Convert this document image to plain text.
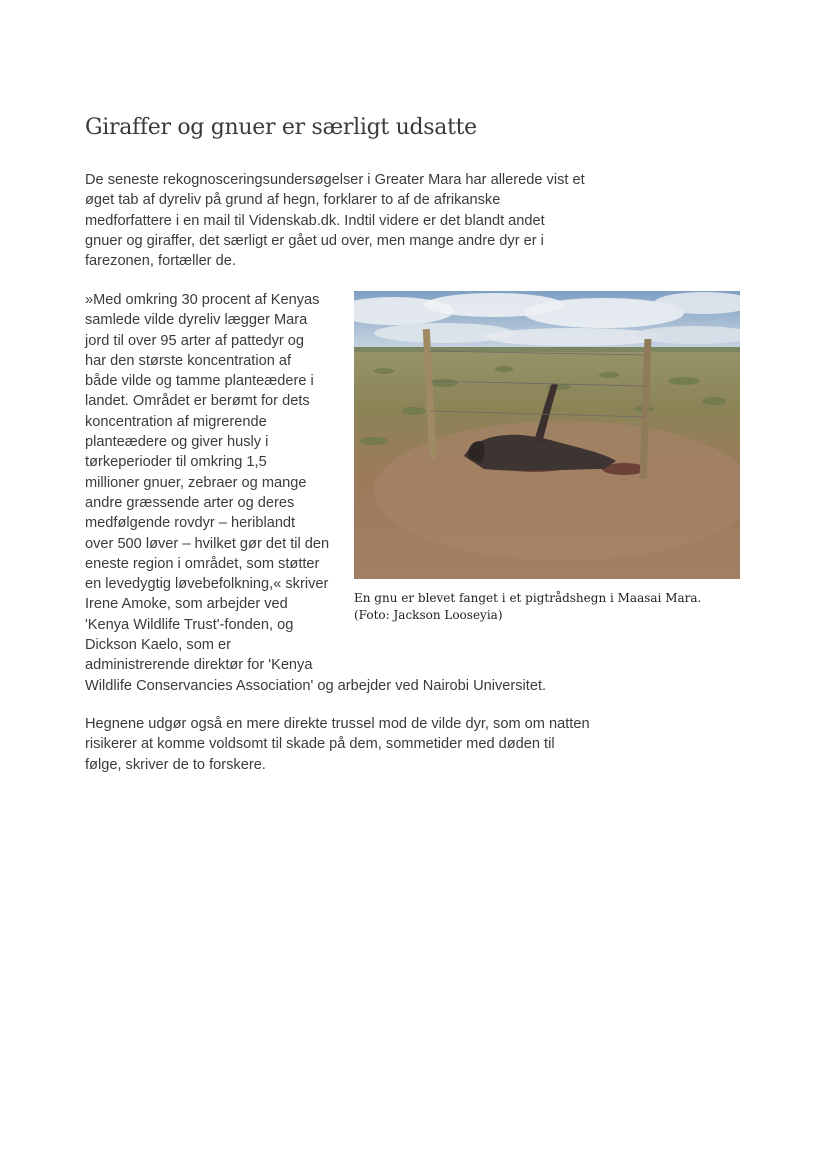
Giraffer og gnuer er særligt udsatte
De seneste rekognosceringsundersøgelser i Greater Mara har allerede vist et
øget tab af dyreliv på grund af hegn, forklarer to af de afrikanske
medforfattere i en mail til Videnskab.dk. Indtil videre er det blandt andet
gnuer og giraffer, det særligt er gået ud over, men mange andre dyr er i
farezonen, fortæller de.
»Med omkring 30 procent af Kenyas
samlede vilde dyreliv lægger Mara
jord til over 95 arter af pattedyr og
har den største koncentration af
både vilde og tamme planteædere i
landet. Området er berømt for dets
koncentration af migrerende
planteædere og giver husly i
tørkeperioder til omkring 1,5
millioner gnuer, zebraer og mange
andre græssende arter og deres
medfølgende rovdyr – heriblandt
over 500 løver – hvilket gør det til den
eneste region i området, som støtter
en levedygtig løvebefolkning,« skriver
Irene Amoke, som arbejder ved
'Kenya Wildlife Trust'-fonden, og
Dickson Kaelo, som er
administrerende direktør for 'Kenya
Wildlife Conservancies Association' og arbejder ved Nairobi Universitet.
En gnu er blevet fanget i et pigtrådshegn i Maasai Mara.
(Foto: Jackson Looseyia)
Hegnene udgør også en mere direkte trussel mod de vilde dyr, som om natten
risikerer at komme voldsomt til skade på dem, sommetider med døden til
følge, skriver de to forskere.
